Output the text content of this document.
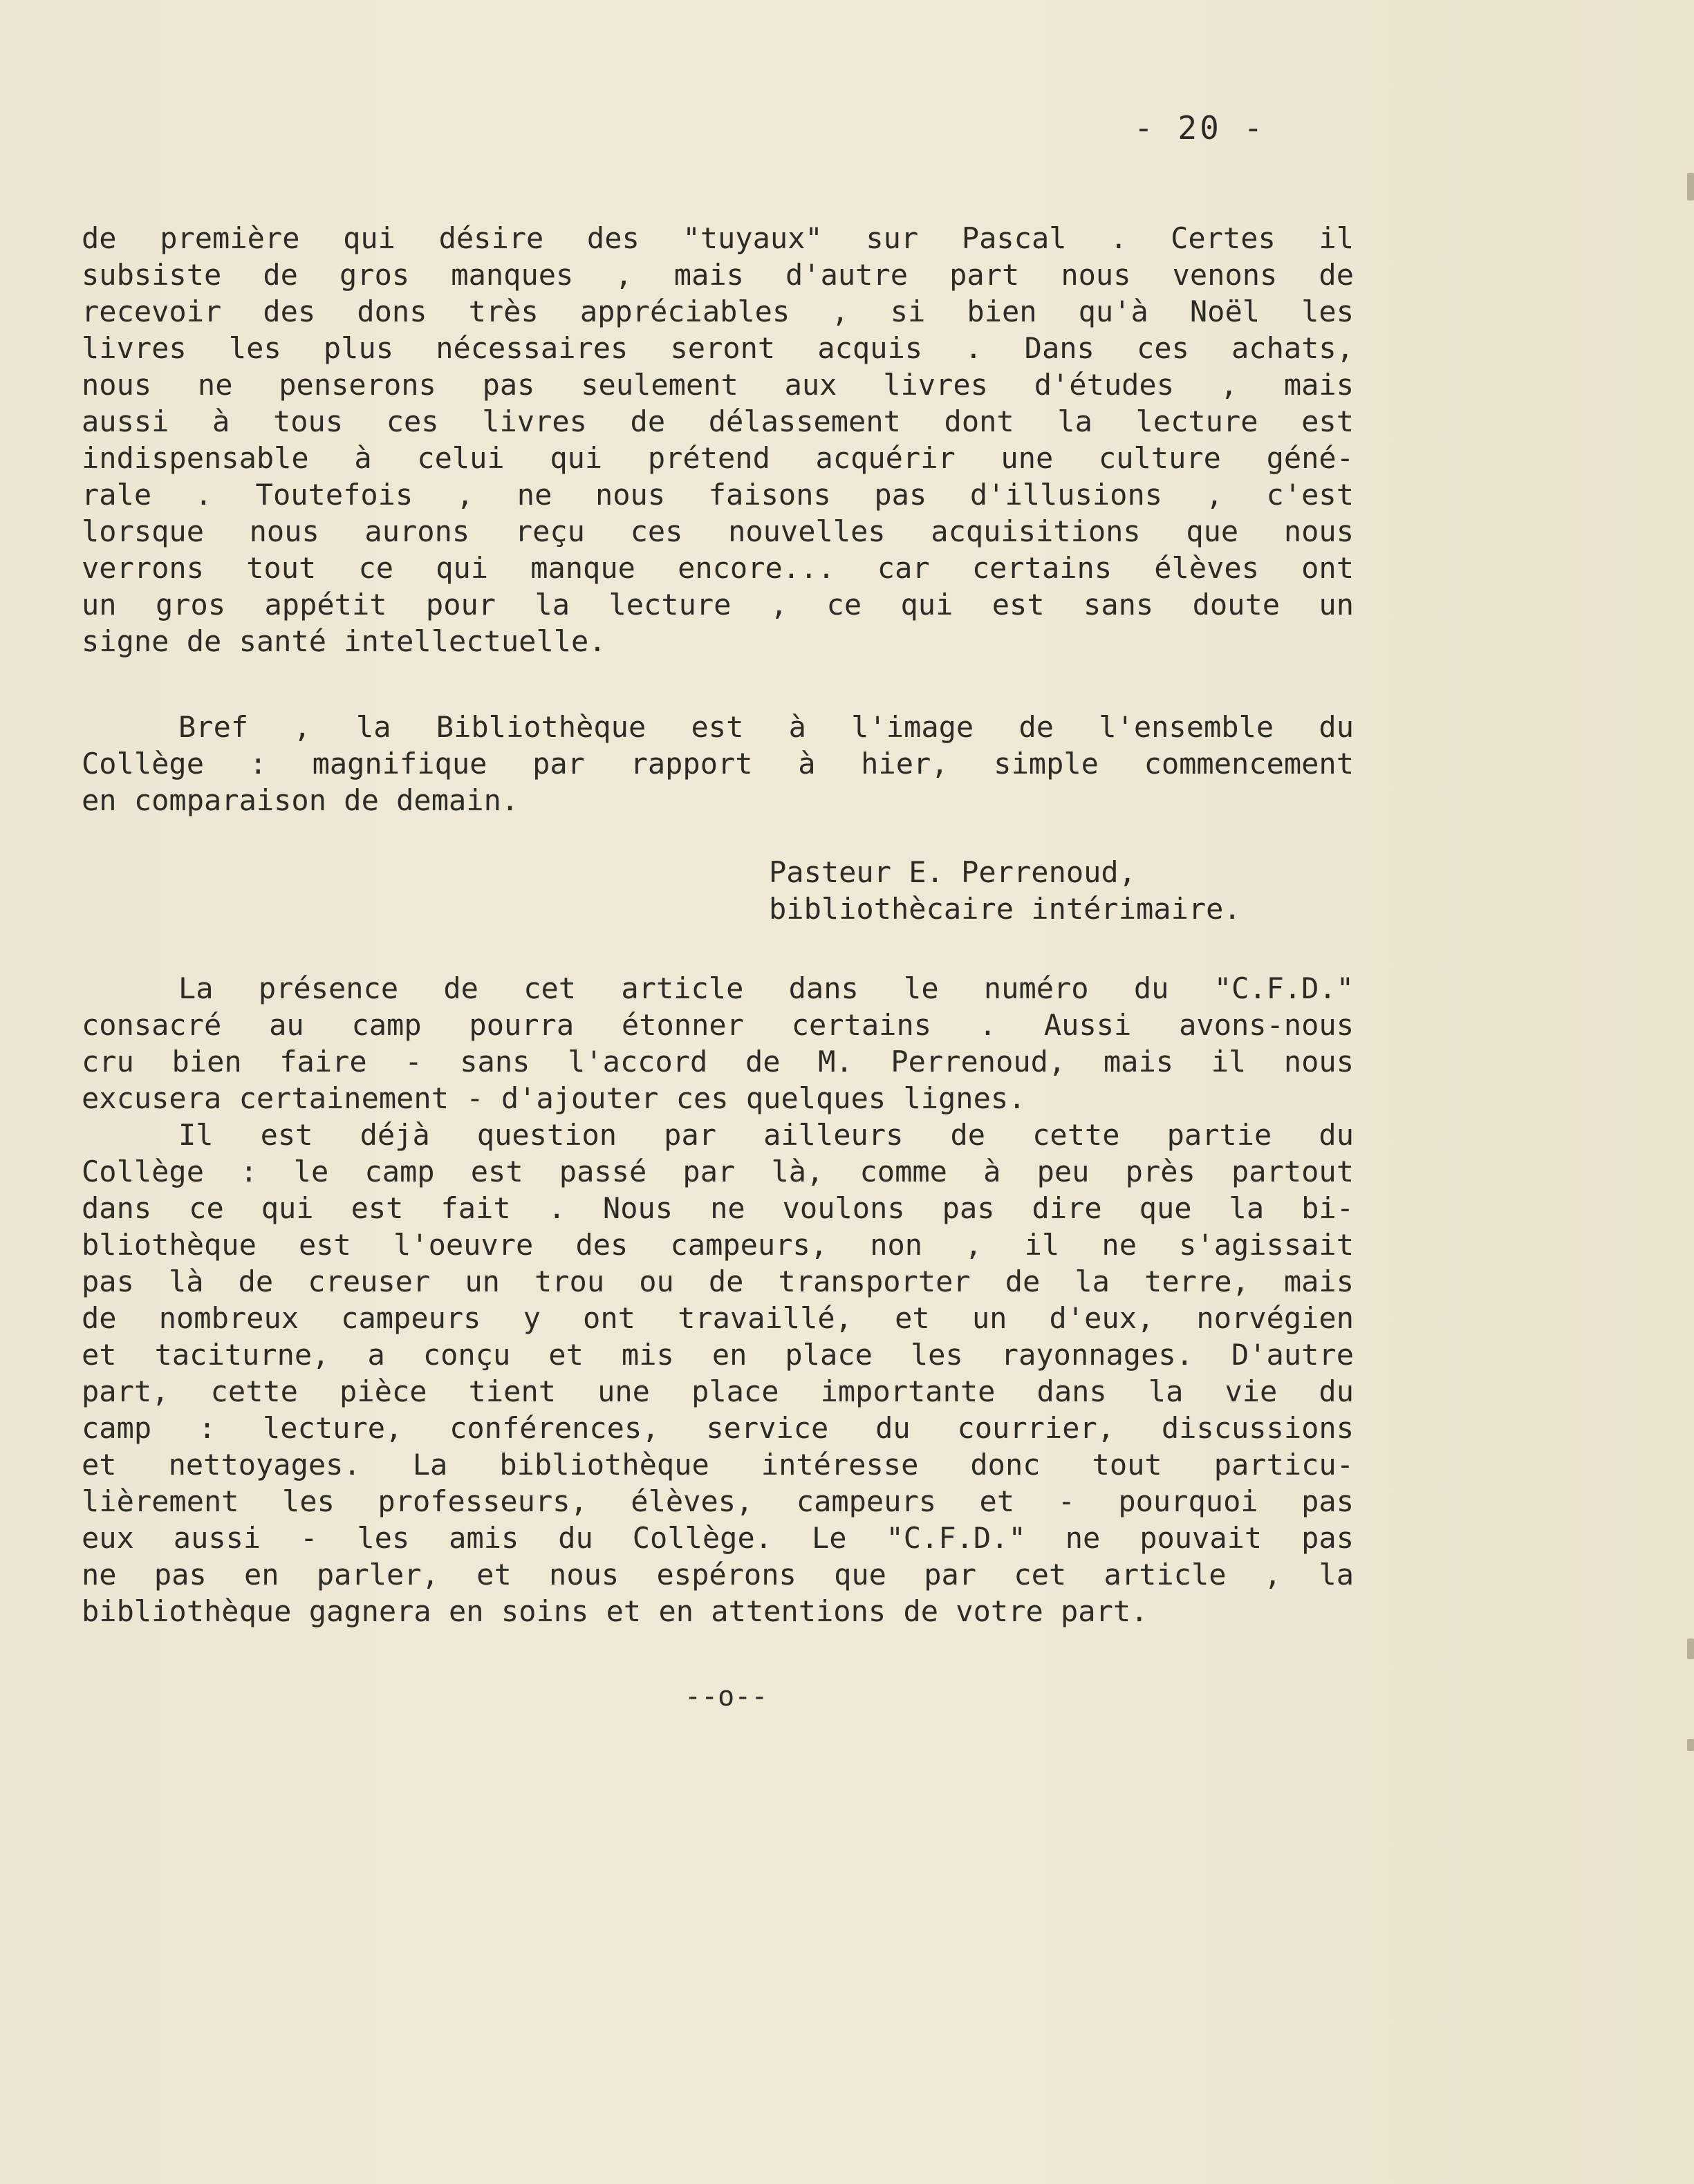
- 20 -
de première qui désire des "tuyaux" sur Pascal . Certes il
subsiste de gros manques , mais d'autre part nous venons de
recevoir des dons très appréciables , si bien qu'à Noël les
livres les plus nécessaires seront acquis . Dans ces achats,
nous ne penserons pas seulement aux livres d'études , mais
aussi à tous ces livres de délassement dont la lecture est
indispensable à celui qui prétend acquérir une culture géné-
rale . Toutefois , ne nous faisons pas d'illusions , c'est
lorsque nous aurons reçu ces nouvelles acquisitions que nous
verrons tout ce qui manque encore... car certains élèves ont
un gros appétit pour la lecture , ce qui est sans doute un
signe de santé intellectuelle.
Bref , la Bibliothèque est à l'image de l'ensemble du
Collège : magnifique par rapport à hier, simple commencement
en comparaison de demain.
Pasteur E. Perrenoud,
bibliothècaire intérimaire.
La présence de cet article dans le numéro du "C.F.D."
consacré au camp pourra étonner certains . Aussi avons-nous
cru bien faire - sans l'accord de M. Perrenoud, mais il nous
excusera certainement - d'ajouter ces quelques lignes.
Il est déjà question par ailleurs de cette partie du
Collège : le camp est passé par là, comme à peu près partout
dans ce qui est fait . Nous ne voulons pas dire que la bi-
bliothèque est l'oeuvre des campeurs, non , il ne s'agissait
pas là de creuser un trou ou de transporter de la terre, mais
de nombreux campeurs y ont travaillé, et un d'eux, norvégien
et taciturne, a conçu et mis en place les rayonnages. D'autre
part, cette pièce tient une place importante dans la vie du
camp : lecture, conférences, service du courrier, discussions
et nettoyages. La bibliothèque intéresse donc tout particu-
lièrement les professeurs, élèves, campeurs et - pourquoi pas
eux aussi - les amis du Collège. Le "C.F.D." ne pouvait pas
ne pas en parler, et nous espérons que par cet article , la
bibliothèque gagnera en soins et en attentions de votre part.
--o--
